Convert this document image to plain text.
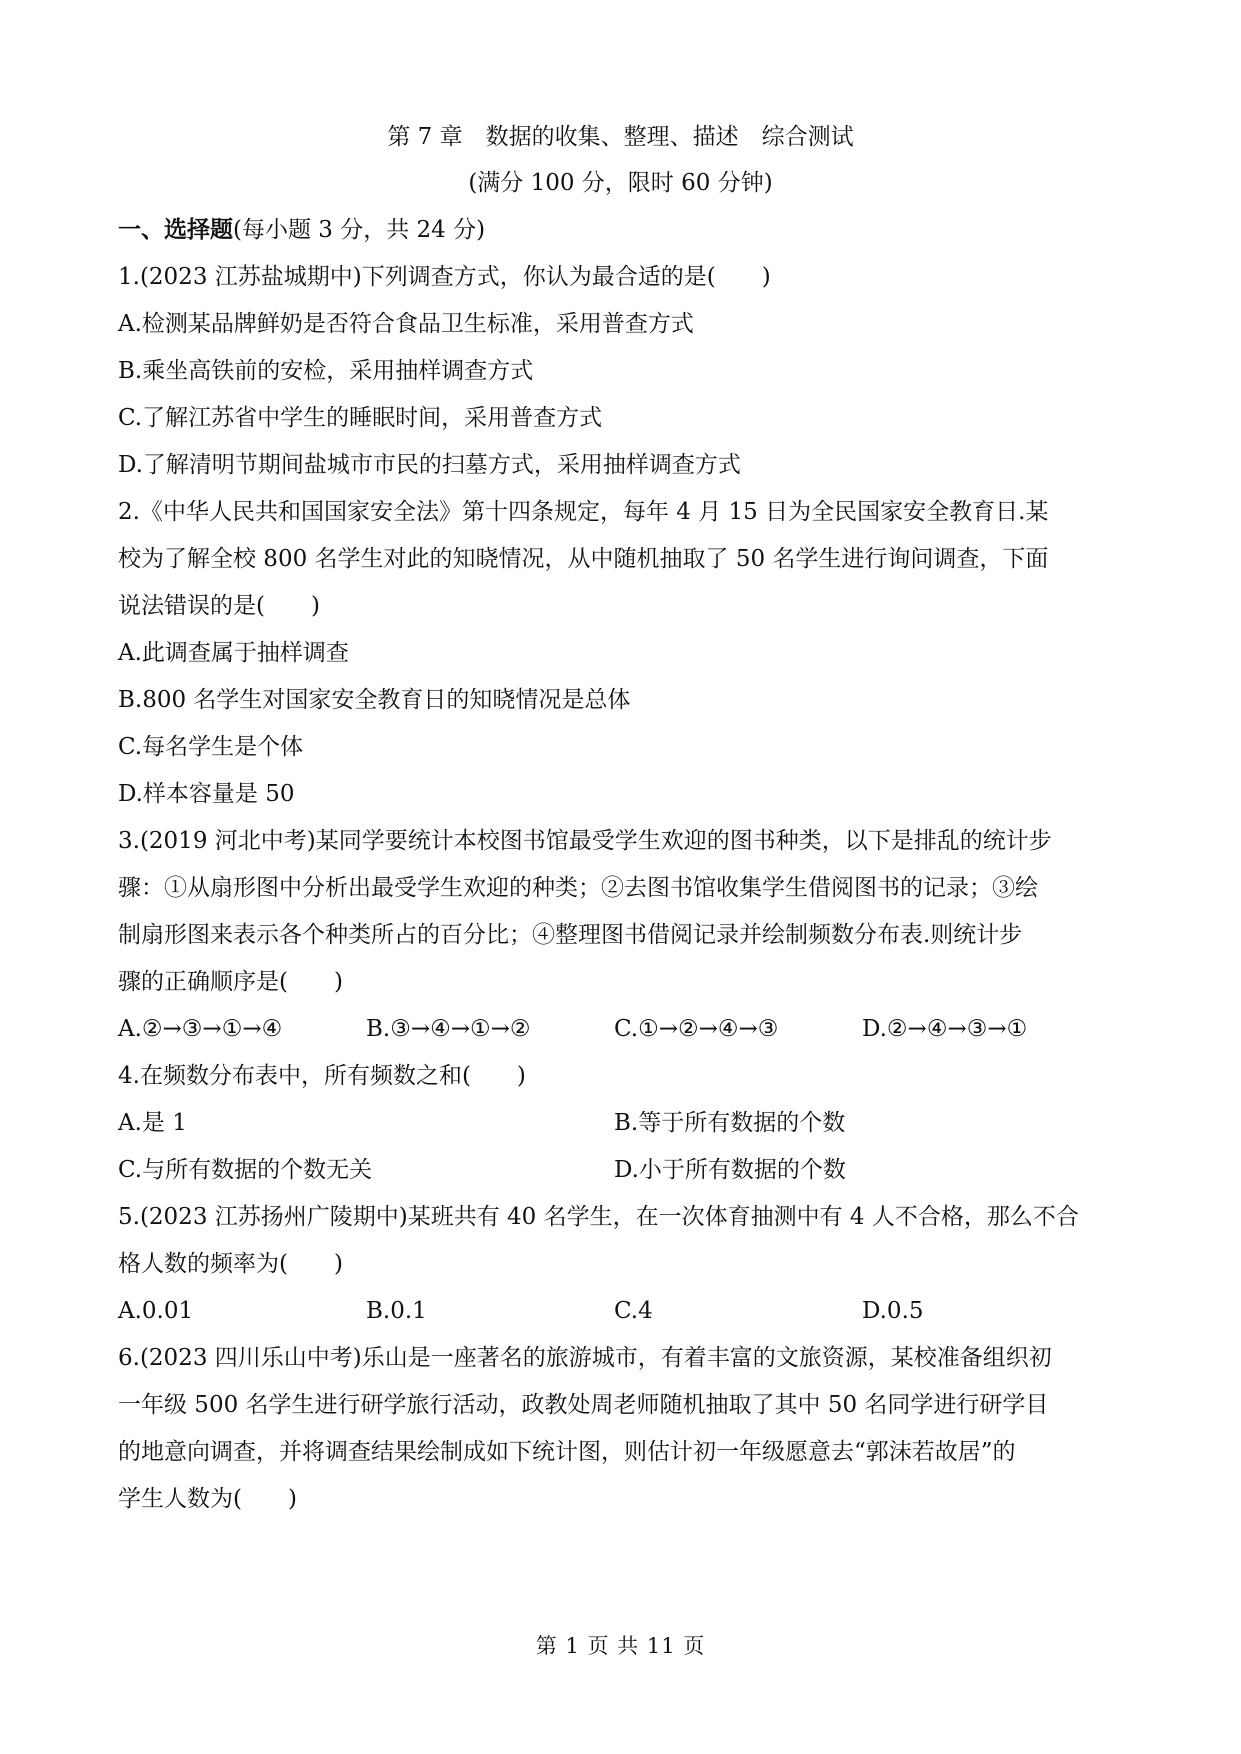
第 7 章　数据的收集、整理、描述　综合测试
(满分 100 分，限时 60 分钟)
一、选择题(每小题 3 分，共 24 分)
1.(2023 江苏盐城期中)下列调查方式，你认为最合适的是(　　)
A.检测某品牌鲜奶是否符合食品卫生标准，采用普查方式
B.乘坐高铁前的安检，采用抽样调查方式
C.了解江苏省中学生的睡眠时间，采用普查方式
D.了解清明节期间盐城市市民的扫墓方式，采用抽样调查方式
2.《中华人民共和国国家安全法》第十四条规定，每年 4 月 15 日为全民国家安全教育日.某
校为了解全校 800 名学生对此的知晓情况，从中随机抽取了 50 名学生进行询问调查，下面
说法错误的是(　　)
A.此调查属于抽样调查
B.800 名学生对国家安全教育日的知晓情况是总体
C.每名学生是个体
D.样本容量是 50
3.(2019 河北中考)某同学要统计本校图书馆最受学生欢迎的图书种类，以下是排乱的统计步
骤：①从扇形图中分析出最受学生欢迎的种类；②去图书馆收集学生借阅图书的记录；③绘
制扇形图来表示各个种类所占的百分比；④整理图书借阅记录并绘制频数分布表.则统计步
骤的正确顺序是(　　)
A.②→③→①→④	B.③→④→①→②	C.①→②→④→③	D.②→④→③→①
4.在频数分布表中，所有频数之和(　　)
A.是 1	B.等于所有数据的个数
C.与所有数据的个数无关	D.小于所有数据的个数
5.(2023 江苏扬州广陵期中)某班共有 40 名学生，在一次体育抽测中有 4 人不合格，那么不合
格人数的频率为(　　)
A.0.01	B.0.1	C.4	D.0.5
6.(2023 四川乐山中考)乐山是一座著名的旅游城市，有着丰富的文旅资源，某校准备组织初
一年级 500 名学生进行研学旅行活动，政教处周老师随机抽取了其中 50 名同学进行研学目
的地意向调查，并将调查结果绘制成如下统计图，则估计初一年级愿意去“郭沫若故居”的
学生人数为(　　)
第 1 页 共 11 页
